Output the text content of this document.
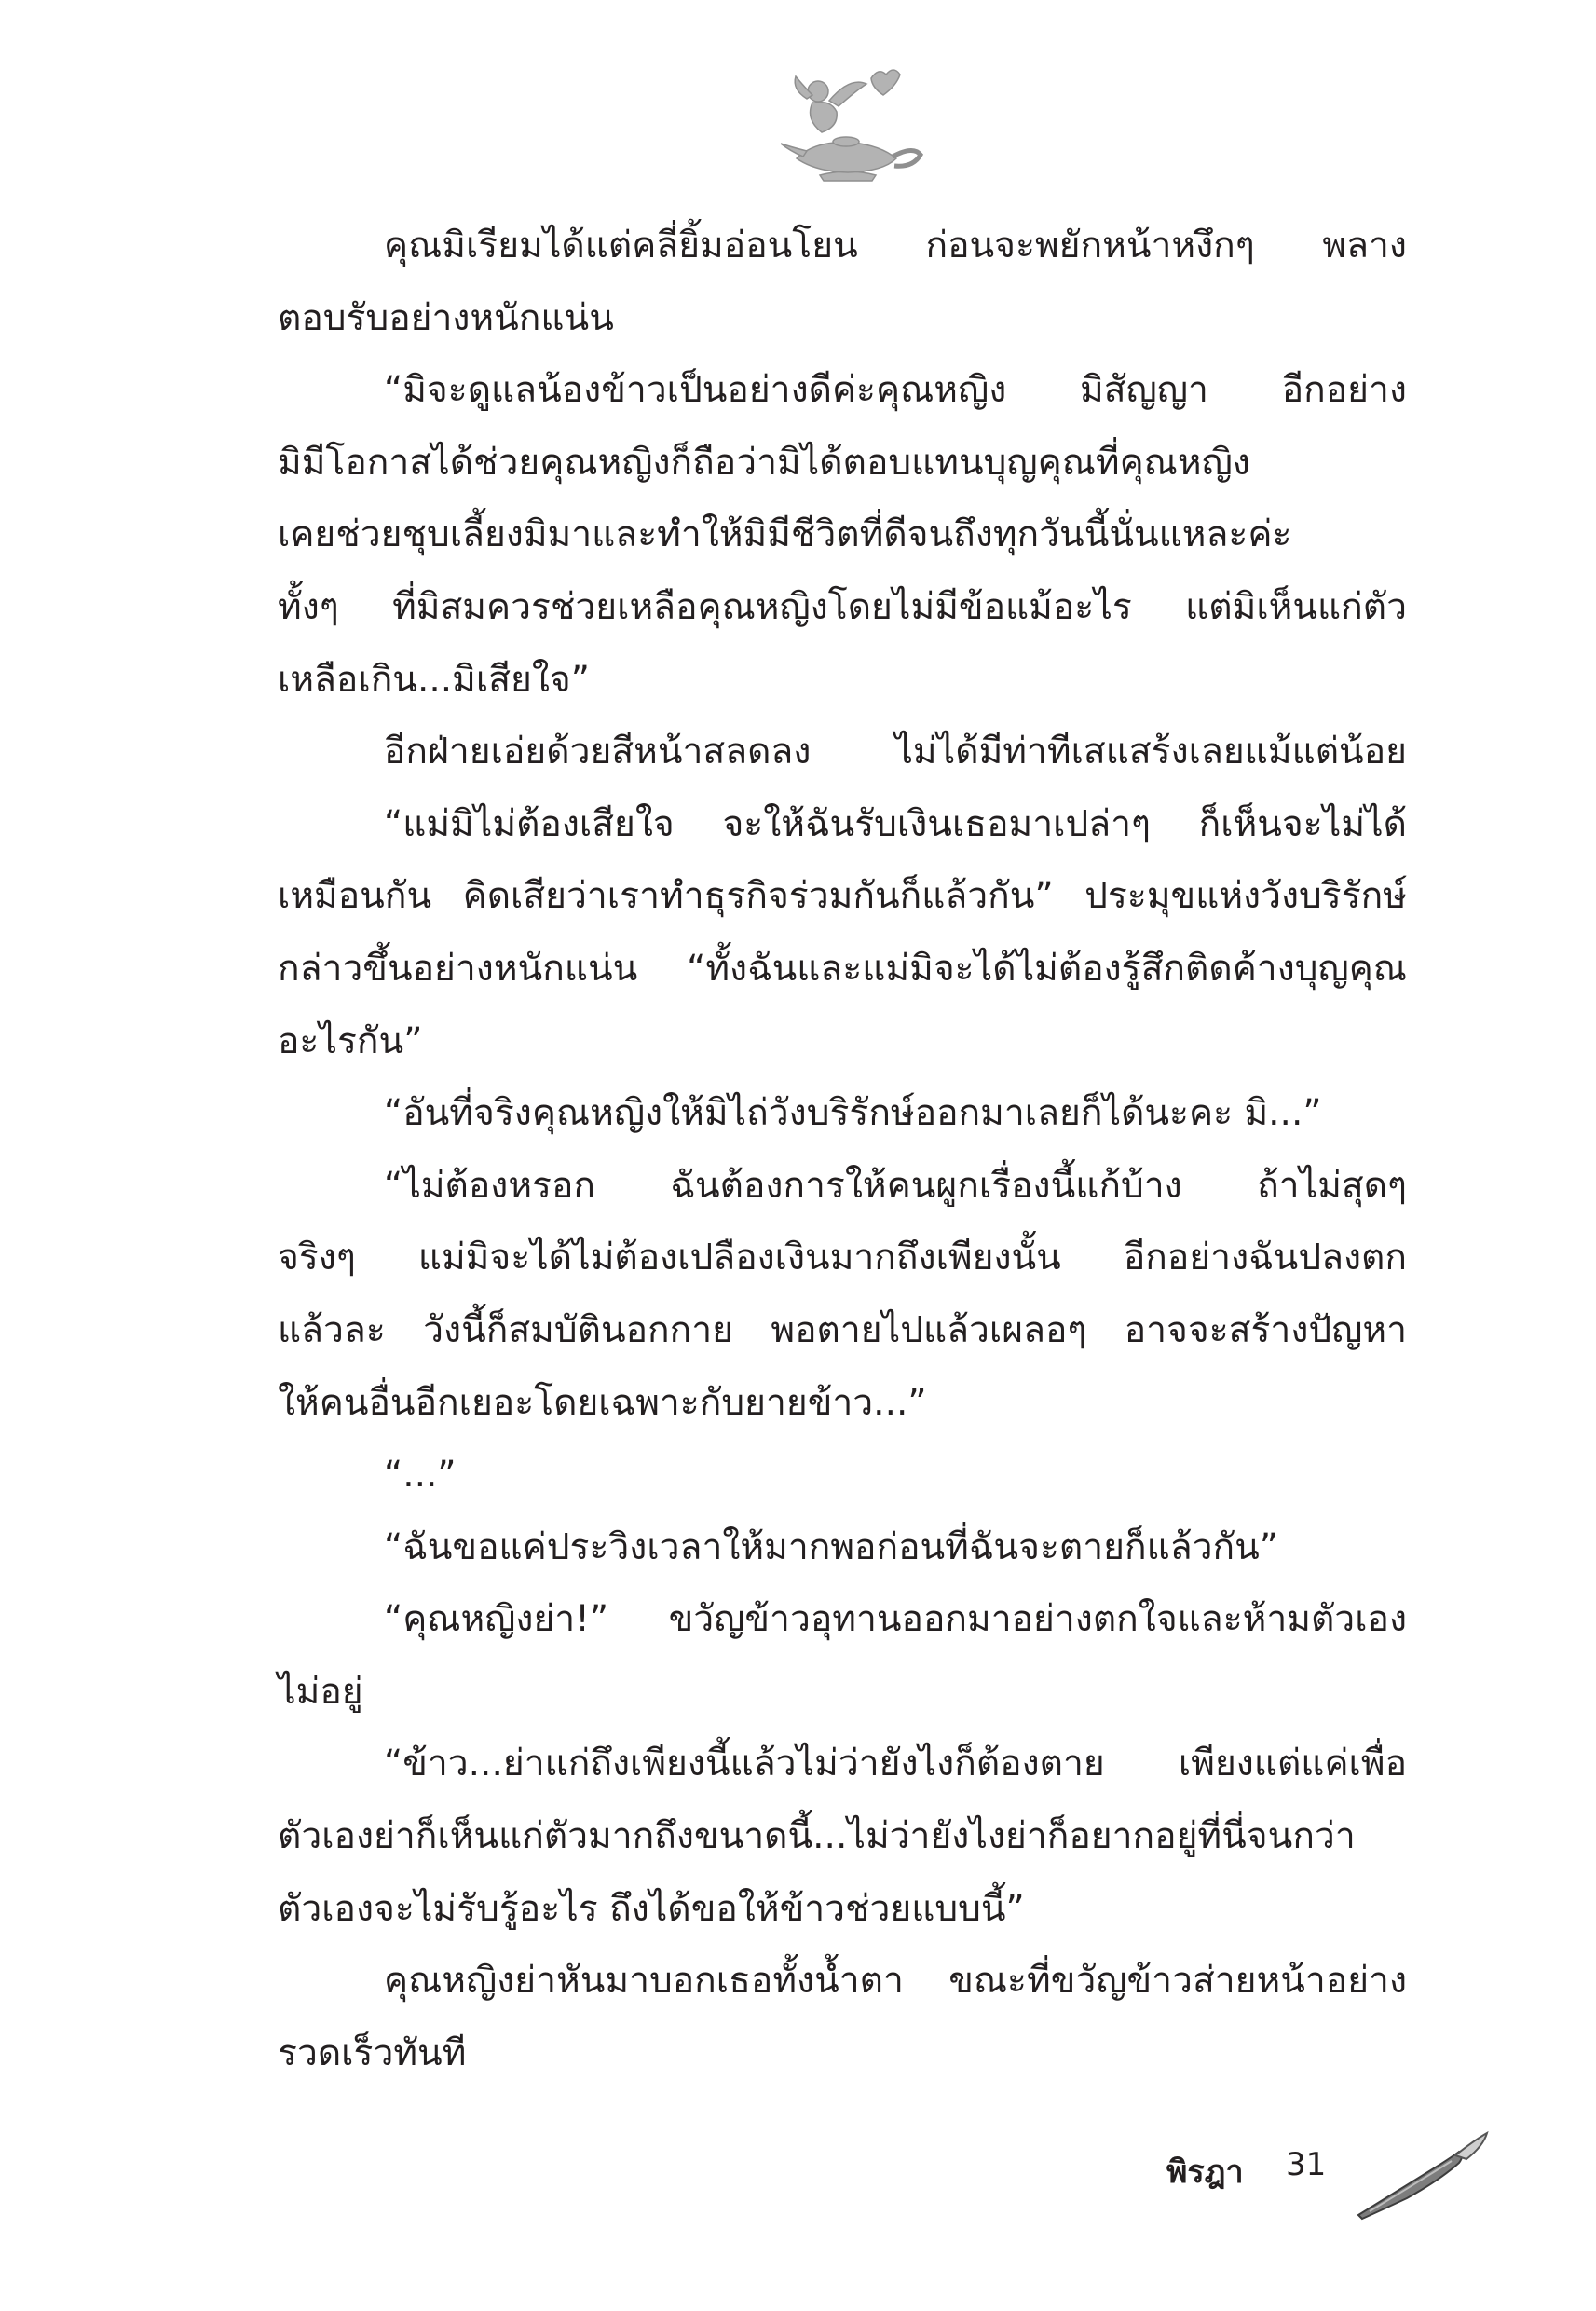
คุณมิเรียมได้แต่คลี่ยิ้มอ่อนโยน ก่อนจะพยักหน้าหงึกๆ พลาง
ตอบรับอย่างหนักแน่น
“มิจะดูแลน้องข้าวเป็นอย่างดีค่ะคุณหญิง มิสัญญา อีกอย่าง
มิมีโอกาสได้ช่วยคุณหญิงก็ถือว่ามิได้ตอบแทนบุญคุณที่คุณหญิง
เคยช่วยชุบเลี้ยงมิมาและทำให้มิมีชีวิตที่ดีจนถึงทุกวันนี้นั่นแหละค่ะ
ทั้งๆ ที่มิสมควรช่วยเหลือคุณหญิงโดยไม่มีข้อแม้อะไร แต่มิเห็นแก่ตัว
เหลือเกิน...มิเสียใจ”
อีกฝ่ายเอ่ยด้วยสีหน้าสลดลง ไม่ได้มีท่าทีเสแสร้งเลยแม้แต่น้อย
“แม่มิไม่ต้องเสียใจ จะให้ฉันรับเงินเธอมาเปล่าๆ ก็เห็นจะไม่ได้
เหมือนกัน คิดเสียว่าเราทำธุรกิจร่วมกันก็แล้วกัน” ประมุขแห่งวังบริรักษ์
กล่าวขึ้นอย่างหนักแน่น “ทั้งฉันและแม่มิจะได้ไม่ต้องรู้สึกติดค้างบุญคุณ
อะไรกัน”
“อันที่จริงคุณหญิงให้มิไถ่วังบริรักษ์ออกมาเลยก็ได้นะคะ มิ...”
“ไม่ต้องหรอก ฉันต้องการให้คนผูกเรื่องนี้แก้บ้าง ถ้าไม่สุดๆ
จริงๆ แม่มิจะได้ไม่ต้องเปลืองเงินมากถึงเพียงนั้น อีกอย่างฉันปลงตก
แล้วละ วังนี้ก็สมบัตินอกกาย พอตายไปแล้วเผลอๆ อาจจะสร้างปัญหา
ให้คนอื่นอีกเยอะโดยเฉพาะกับยายข้าว...”
“...”
“ฉันขอแค่ประวิงเวลาให้มากพอก่อนที่ฉันจะตายก็แล้วกัน”
“คุณหญิงย่า!” ขวัญข้าวอุทานออกมาอย่างตกใจและห้ามตัวเอง
ไม่อยู่
“ข้าว...ย่าแก่ถึงเพียงนี้แล้วไม่ว่ายังไงก็ต้องตาย เพียงแต่แค่เพื่อ
ตัวเองย่าก็เห็นแก่ตัวมากถึงขนาดนี้...ไม่ว่ายังไงย่าก็อยากอยู่ที่นี่จนกว่า
ตัวเองจะไม่รับรู้อะไร ถึงได้ขอให้ข้าวช่วยแบบนี้”
คุณหญิงย่าหันมาบอกเธอทั้งน้ำตา ขณะที่ขวัญข้าวส่ายหน้าอย่าง
รวดเร็วทันที
พิรฎา 31
